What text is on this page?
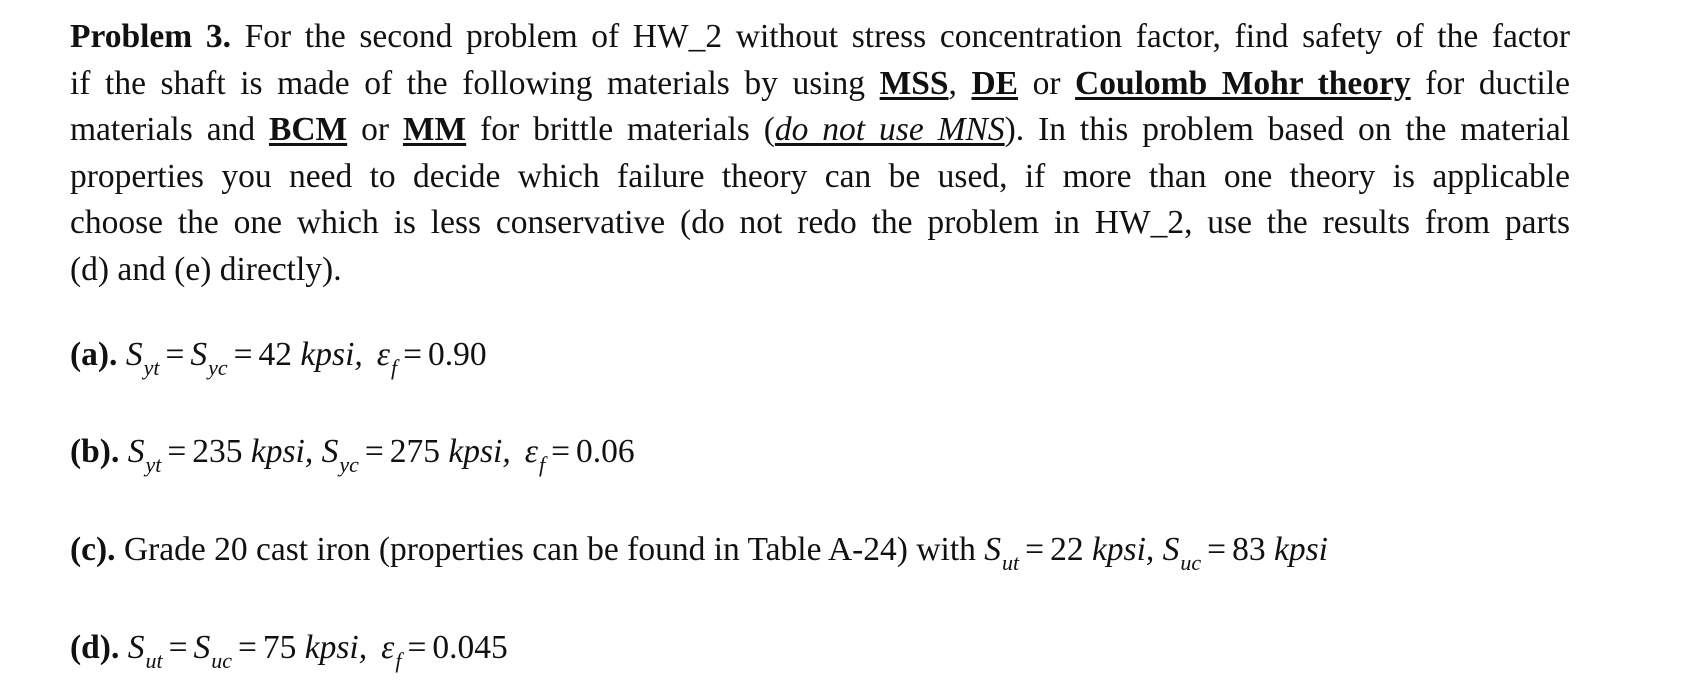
Problem 3. For the second problem of HW_2 without stress concentration factor, find safety of the factor
if the shaft is made of the following materials by using MSS, DE or Coulomb Mohr theory for ductile
materials and BCM or MM for brittle materials (do not use MNS). In this problem based on the material
properties you need to decide which failure theory can be used, if more than one theory is applicable
choose the one which is less conservative (do not redo the problem in HW_2, use the results from parts
(d) and (e) directly).
(a). $S_{yt} = S_{yc} = 42$ kpsi, $\varepsilon_f = 0.90$
(b). $S_{yt} = 235$ kpsi, $S_{yc} = 275$ kpsi, $\varepsilon_f = 0.06$
(c). Grade 20 cast iron (properties can be found in Table A-24) with $S_{ut} = 22$ kpsi, $S_{uc} = 83$ kpsi
(d). $S_{ut} = S_{uc} = 75$ kpsi, $\varepsilon_f = 0.045$
